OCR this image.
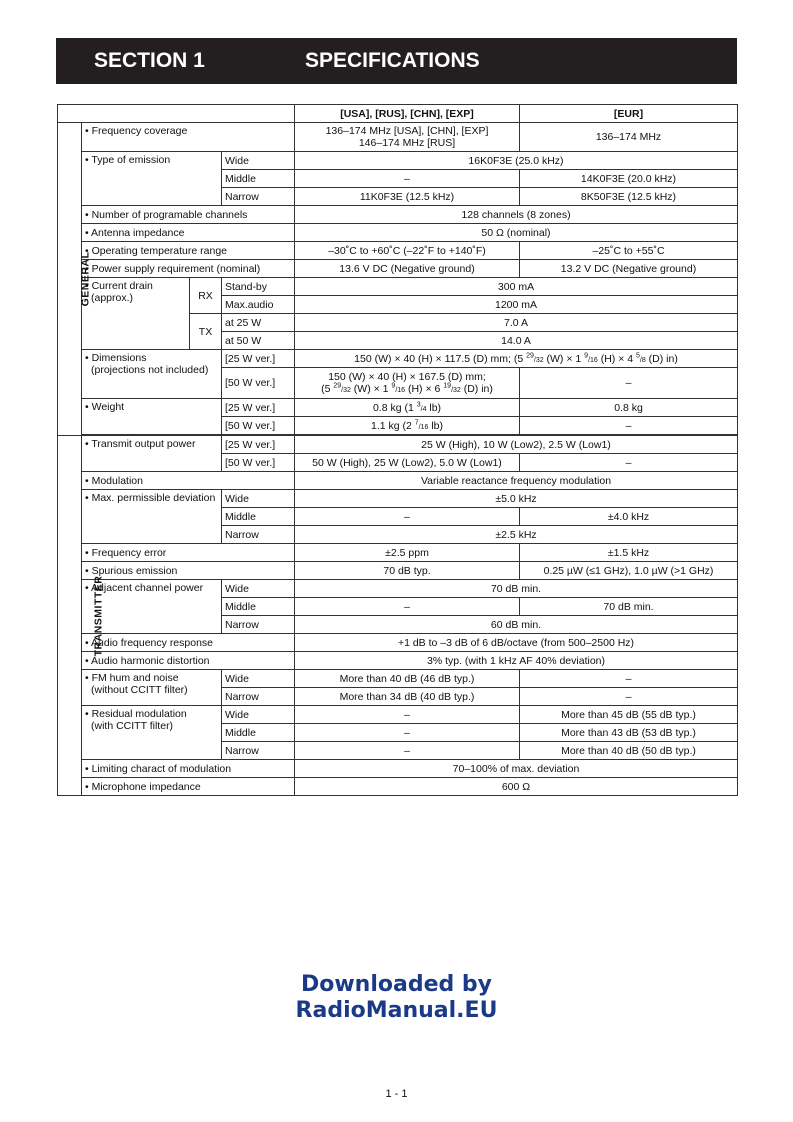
SECTION 1	SPECIFICATIONS
				[USA], [RUS], [CHN], [EXP]	[EUR]
GENERAL	• Frequency coverage			136–174 MHz [USA], [CHN], [EXP]
146–174 MHz [RUS]	136–174 MHz
	• Type of emission		Wide	16K0F3E (25.0 kHz)	
			Middle	–	14K0F3E (20.0 kHz)
			Narrow	11K0F3E (12.5 kHz)	8K50F3E (12.5 kHz)
	• Number of programable channels			128 channels (8 zones)	
	• Antenna impedance			50 Ω (nominal)	
	• Operating temperature range			–30˚C to +60˚C (–22˚F to +140˚F)	–25˚C to +55˚C
	• Power supply requirement (nominal)			13.6 V DC (Negative ground)	13.2 V DC (Negative ground)

	• Current drain
(approx.)	RX	Stand-by	300 mA	
			Max.audio	1200 mA	
		TX	at 25 W	7.0 A	
			at 50 W	14.0 A	

	• Dimensions
(projections not included)		[25 W ver.]	150 (W) × 40 (H) × 117.5 (D) mm; (5 $^{29}$/32 (W) × 1 $^9$/16 (H) × 4 $^5$/8 (D) in)	
			[50 W ver.]	150 (W) × 40 (H) × 167.5 (D) mm;
(5 $^{29}$/32 (W) × 1 $^9$/16 (H) × 6 $^{19}$/32 (D) in)	–
	• Weight		[25 W ver.]	0.8 kg (1 $^3$/4 lb)	0.8 kg
			[50 W ver.]	1.1 kg (2 $^7$/16 lb)	–

TRANSMITTER	• Transmit output power		[25 W ver.]	25 W (High), 10 W (Low2), 2.5 W (Low1)	
			[50 W ver.]	50 W (High), 25 W (Low2), 5.0 W (Low1)	–
	• Modulation			Variable reactance frequency modulation	
	• Max. permissible deviation		Wide	±5.0 kHz	
			Middle	–	±4.0 kHz
			Narrow	±2.5 kHz	
	• Frequency error			±2.5 ppm	±1.5 kHz
	• Spurious emission			70 dB typ.	0.25 µW (≤1 GHz), 1.0 µW (>1 GHz)
	• Adjacent channel power		Wide	70 dB min.	
			Middle	–	70 dB min.
			Narrow	60 dB min.	
	• Audio frequency response			+1 dB to –3 dB of 6 dB/octave (from 500–2500 Hz)	
	• Audio harmonic distortion			3% typ. (with 1 kHz AF 40% deviation)	

	• FM hum and noise
(without CCITT filter)		Wide	More than 40 dB (46 dB typ.)	–
			Narrow	More than 34 dB (40 dB typ.)	–

	• Residual modulation
(with CCITT filter)		Wide	–	More than 45 dB (55 dB typ.)
			Middle	–	More than 43 dB (53 dB typ.)
			Narrow	–	More than 40 dB (50 dB typ.)
	• Limiting charact of modulation			70–100% of max. deviation	
	• Microphone impedance			600 Ω	
Downloaded by
RadioManual.EU
1 - 1
